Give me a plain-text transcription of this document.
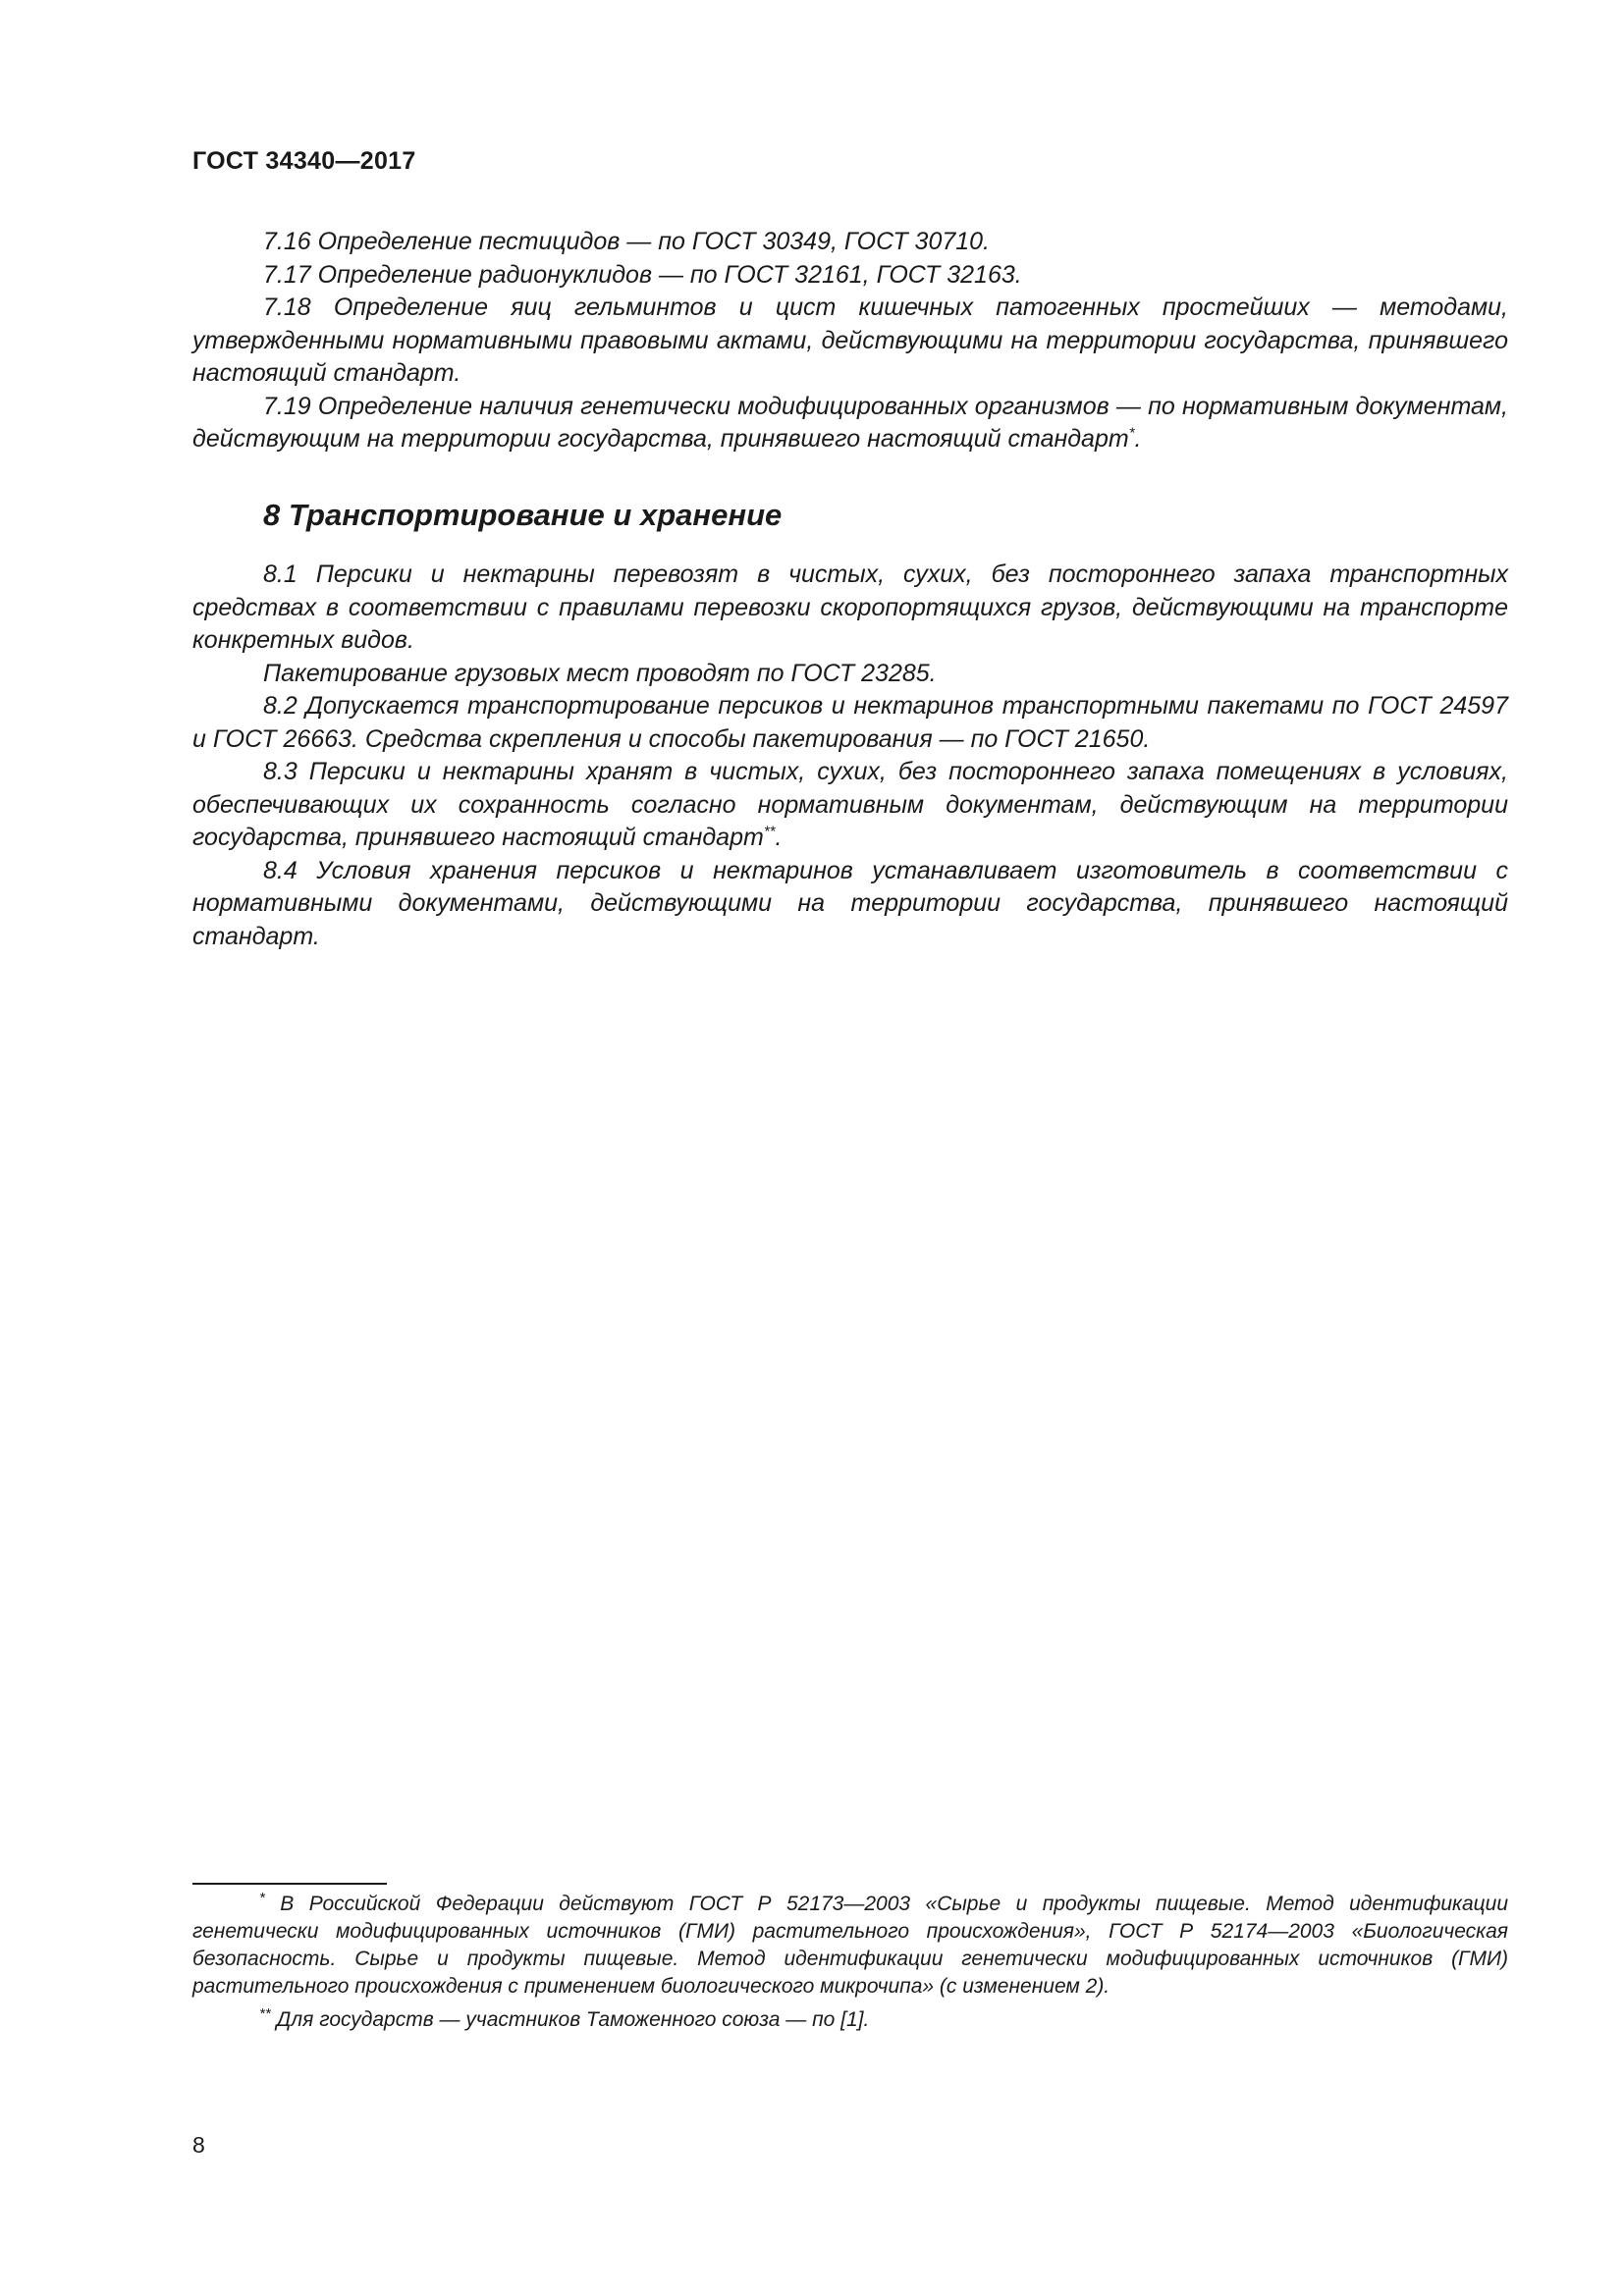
ГОСТ 34340—2017

7.16 Определение пестицидов — по ГОСТ 30349, ГОСТ 30710.

7.17 Определение радионуклидов — по ГОСТ 32161, ГОСТ 32163.

7.18 Определение яиц гельминтов и цист кишечных патогенных простейших — методами, утвержденными нормативными правовыми актами, действующими на территории государства, принявшего настоящий стандарт.

7.19 Определение наличия генетически модифицированных организмов — по нормативным документам, действующим на территории государства, принявшего настоящий стандарт*.

8 Транспортирование и хранение

8.1 Персики и нектарины перевозят в чистых, сухих, без постороннего запаха транспортных средствах в соответствии с правилами перевозки скоропортящихся грузов, действующими на транспорте конкретных видов.

Пакетирование грузовых мест проводят по ГОСТ 23285.

8.2 Допускается транспортирование персиков и нектаринов транспортными пакетами по ГОСТ 24597 и ГОСТ 26663. Средства скрепления и способы пакетирования — по ГОСТ 21650.

8.3 Персики и нектарины хранят в чистых, сухих, без постороннего запаха помещениях в условиях, обеспечивающих их сохранность согласно нормативным документам, действующим на территории государства, принявшего настоящий стандарт**.

8.4 Условия хранения персиков и нектаринов устанавливает изготовитель в соответствии с нормативными документами, действующими на территории государства, принявшего настоящий стандарт.

* В Российской Федерации действуют ГОСТ Р 52173—2003 «Сырье и продукты пищевые. Метод идентификации генетически модифицированных источников (ГМИ) растительного происхождения», ГОСТ Р 52174—2003 «Биологическая безопасность. Сырье и продукты пищевые. Метод идентификации генетически модифицированных источников (ГМИ) растительного происхождения с применением биологического микрочипа» (с изменением 2).

** Для государств — участников Таможенного союза — по [1].

8
